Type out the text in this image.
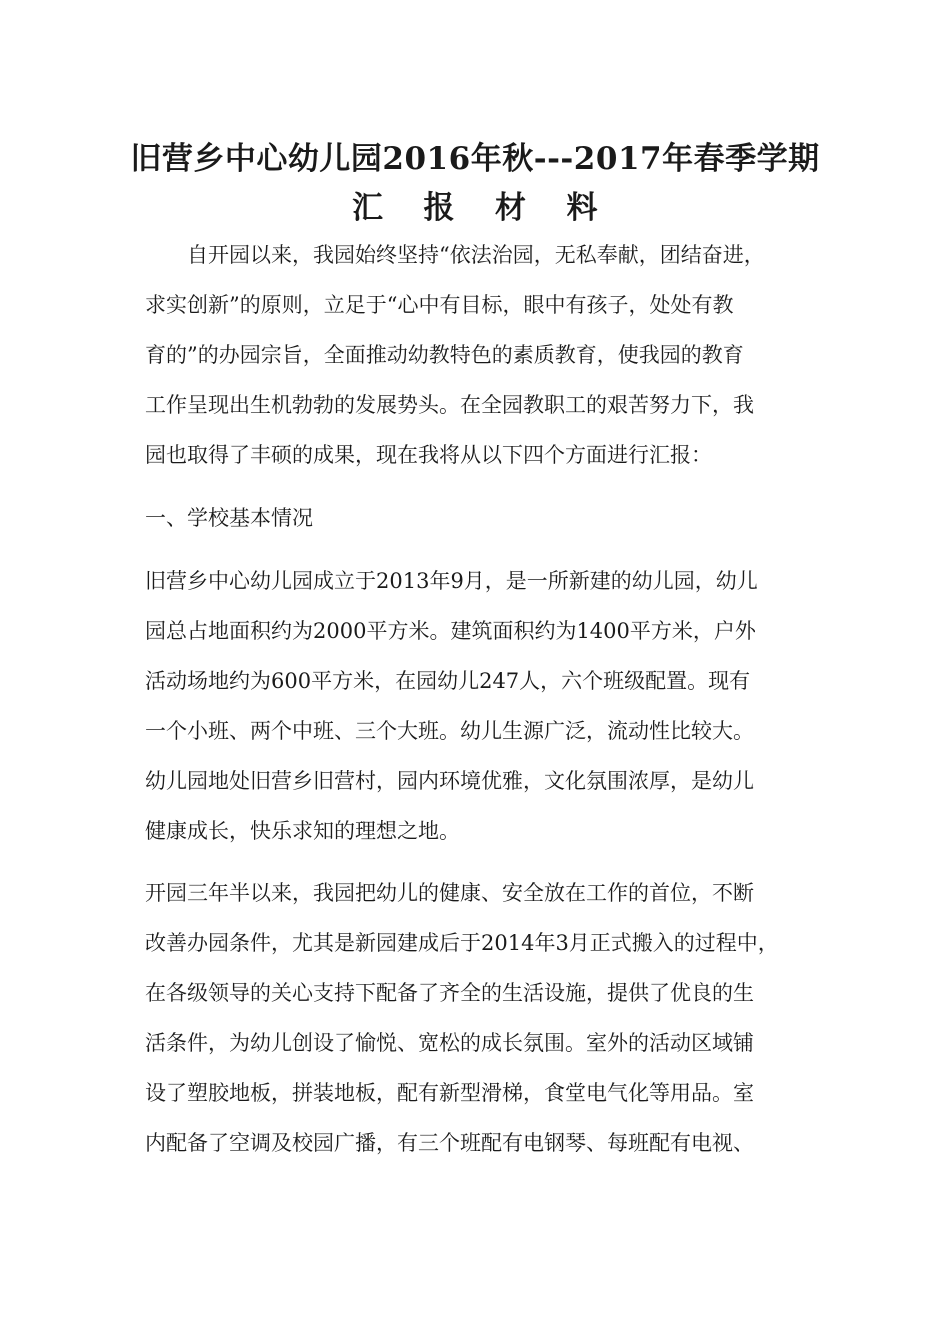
旧营乡中心幼儿园2016年秋---2017年春季学期
汇 报 材 料
自开园以来，我园始终坚持“依法治园，无私奉献，团结奋进，
求实创新”的原则，立足于“心中有目标，眼中有孩子，处处有教
育的”的办园宗旨，全面推动幼教特色的素质教育，使我园的教育
工作呈现出生机勃勃的发展势头。在全园教职工的艰苦努力下，我
园也取得了丰硕的成果，现在我将从以下四个方面进行汇报：
一、学校基本情况
旧营乡中心幼儿园成立于2013年9月，是一所新建的幼儿园，幼儿
园总占地面积约为2000平方米。建筑面积约为1400平方米，户外
活动场地约为600平方米，在园幼儿247人，六个班级配置。现有
一个小班、两个中班、三个大班。幼儿生源广泛，流动性比较大。
幼儿园地处旧营乡旧营村，园内环境优雅，文化氛围浓厚，是幼儿
健康成长，快乐求知的理想之地。
开园三年半以来，我园把幼儿的健康、安全放在工作的首位，不断
改善办园条件，尤其是新园建成后于2014年3月正式搬入的过程中，
在各级领导的关心支持下配备了齐全的生活设施，提供了优良的生
活条件，为幼儿创设了愉悦、宽松的成长氛围。室外的活动区域铺
设了塑胶地板，拼装地板，配有新型滑梯，食堂电气化等用品。室
内配备了空调及校园广播，有三个班配有电钢琴、每班配有电视、
